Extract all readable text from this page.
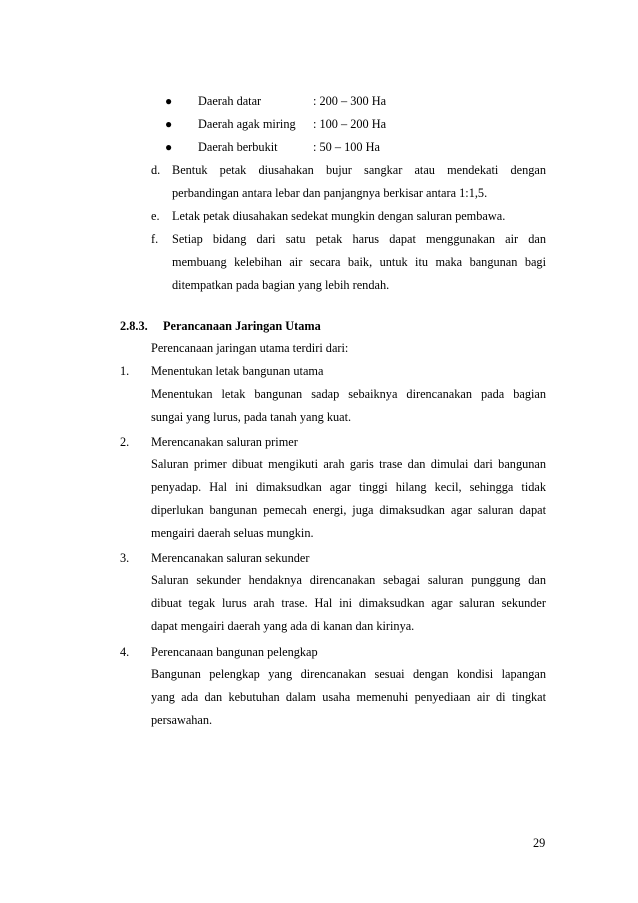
● Daerah datar	: 200 – 300 Ha
● Daerah agak miring : 100 – 200 Ha
● Daerah berbukit	: 50 – 100 Ha
d. Bentuk petak diusahakan bujur sangkar atau mendekati dengan
perbandingan antara lebar dan panjangnya berkisar antara 1:1,5.
e. Letak petak diusahakan sedekat mungkin dengan saluran pembawa.
f. Setiap bidang dari satu petak harus dapat menggunakan air dan
membuang kelebihan air secara baik, untuk itu maka bangunan bagi
ditempatkan pada bagian yang lebih rendah.
2.8.3. Perancanaan Jaringan Utama
Perencanaan jaringan utama terdiri dari:
1. Menentukan letak bangunan utama
Menentukan letak bangunan sadap sebaiknya direncanakan pada bagian
sungai yang lurus, pada tanah yang kuat.
2. Merencanakan saluran primer
Saluran primer dibuat mengikuti arah garis trase dan dimulai dari bangunan
penyadap. Hal ini dimaksudkan agar tinggi hilang kecil, sehingga tidak
diperlukan bangunan pemecah energi, juga dimaksudkan agar saluran dapat
mengairi daerah seluas mungkin.
3. Merencanakan saluran sekunder
Saluran sekunder hendaknya direncanakan sebagai saluran punggung dan
dibuat tegak lurus arah trase. Hal ini dimaksudkan agar saluran sekunder
dapat mengairi daerah yang ada di kanan dan kirinya.
4. Perencanaan bangunan pelengkap
Bangunan pelengkap yang direncanakan sesuai dengan kondisi lapangan
yang ada dan kebutuhan dalam usaha memenuhi penyediaan air di tingkat
persawahan.
29
